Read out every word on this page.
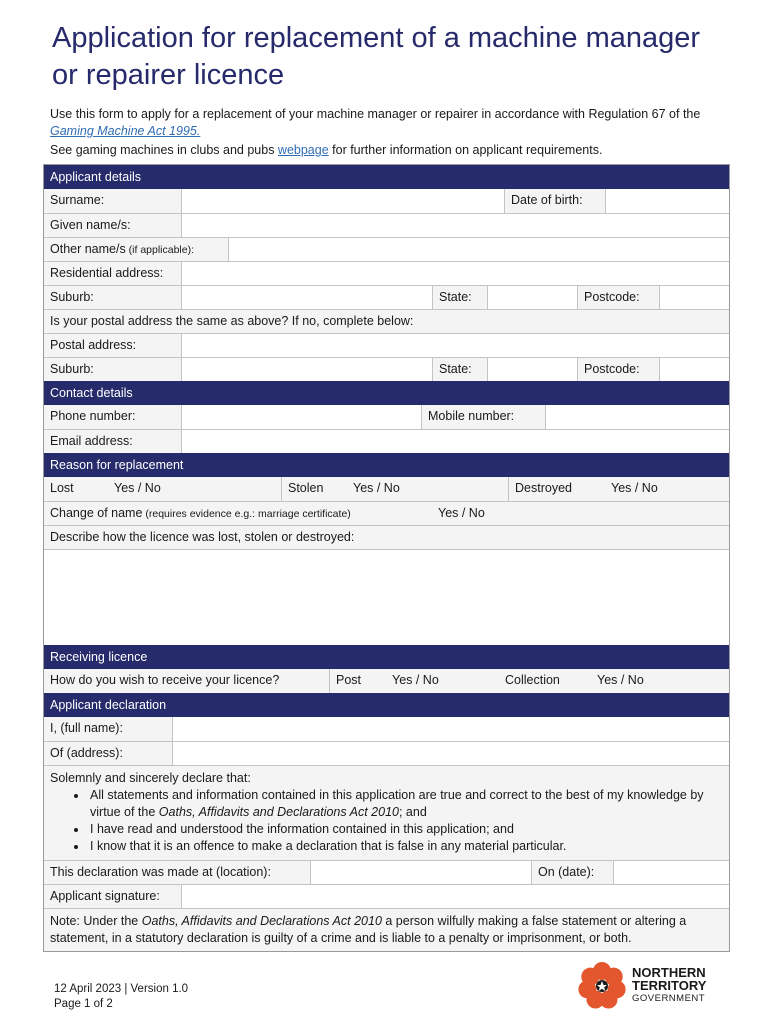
Application for replacement of a machine manager or repairer licence

Use this form to apply for a replacement of your machine manager or repairer in accordance with Regulation 67 of the Gaming Machine Act 1995.

See gaming machines in clubs and pubs webpage for further information on applicant requirements.

Applicant details
Surname:	Date of birth:
Given name/s:
Other name/s (if applicable):
Residential address:
Suburb:	State:	Postcode:
Is your postal address the same as above? If no, complete below:
Postal address:
Suburb:	State:	Postcode:
Contact details
Phone number:	Mobile number:
Email address:
Reason for replacement
Lost	Yes / No	Stolen Yes / No	Destroyed	Yes / No
Change of name (requires evidence e.g.: marriage certificate)	Yes / No
Describe how the licence was lost, stolen or destroyed:
Receiving licence
How do you wish to receive your licence?	Post Yes / No	Collection	Yes / No
Applicant declaration
I, (full name):
Of (address):
Solemnly and sincerely declare that:
• All statements and information contained in this application are true and correct to the best of my knowledge by virtue of the Oaths, Affidavits and Declarations Act 2010; and
• I have read and understood the information contained in this application; and
• I know that it is an offence to make a declaration that is false in any material particular.
This declaration was made at (location):	On (date):
Applicant signature:
Note: Under the Oaths, Affidavits and Declarations Act 2010 a person wilfully making a false statement or altering a statement, in a statutory declaration is guilty of a crime and is liable to a penalty or imprisonment, or both.
12 April 2023 | Version 1.0
Page 1 of 2
NORTHERN
TERRITORY
GOVERNMENT
